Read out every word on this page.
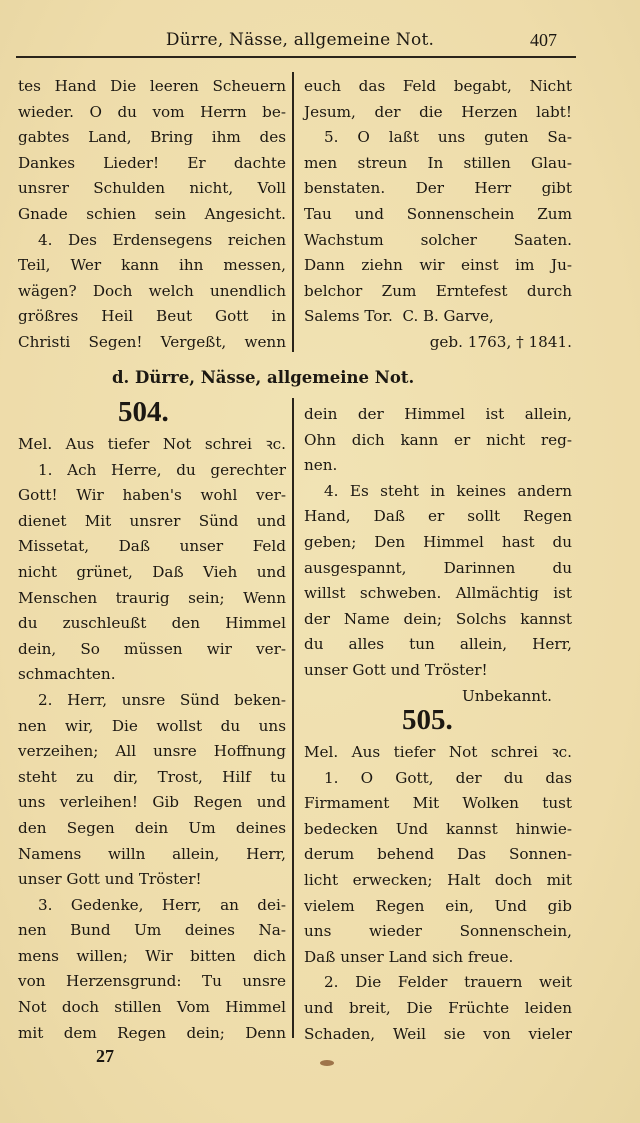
Dürre, Nässe, allgemeine Not.	407
tes Hand Die leeren Scheuern
wieder. O du vom Herrn be-
gabtes Land, Bring ihm des
Dankes Lieder! Er dachte
unsrer Schulden nicht, Voll
Gnade schien sein Angesicht.
4. Des Erdensegens reichen
Teil, Wer kann ihn messen,
wägen? Doch welch unendlich
größres Heil Beut Gott in
Christi Segen! Vergeßt, wenn
euch das Feld begabt, Nicht
Jesum, der die Herzen labt!
5. O laßt uns guten Sa-
men streun In stillen Glau-
benstaten. Der Herr gibt
Tau und Sonnenschein Zum
Wachstum solcher Saaten.
Dann ziehn wir einst im Ju-
belchor Zum Erntefest durch
Salems Tor. C. B. Garve,
geb. 1763, † 1841.
d. Dürre, Nässe, allgemeine Not.
504.
Mel. Aus tiefer Not schrei ꝛc.
1. Ach Herre, du gerechter
Gott! Wir haben's wohl ver-
dienet Mit unsrer Sünd und
Missetat, Daß unser Feld
nicht grünet, Daß Vieh und
Menschen traurig sein; Wenn
du zuschleußt den Himmel
dein, So müssen wir ver-
schmachten.
2. Herr, unsre Sünd beken-
nen wir, Die wollst du uns
verzeihen; All unsre Hoffnung
steht zu dir, Trost, Hilf tu
uns verleihen! Gib Regen und
den Segen dein Um deines
Namens willn allein, Herr,
unser Gott und Tröster!
3. Gedenke, Herr, an dei-
nen Bund Um deines Na-
mens willen; Wir bitten dich
von Herzensgrund: Tu unsre
Not doch stillen Vom Himmel
mit dem Regen dein; Denn
dein der Himmel ist allein,
Ohn dich kann er nicht reg-
nen.
4. Es steht in keines andern
Hand, Daß er sollt Regen
geben; Den Himmel hast du
ausgespannt, Darinnen du
willst schweben. Allmächtig ist
der Name dein; Solchs kannst
du alles tun allein, Herr,
unser Gott und Tröster!
Unbekannt.
505.
Mel. Aus tiefer Not schrei ꝛc.
1. O Gott, der du das
Firmament Mit Wolken tust
bedecken Und kannst hinwie-
derum behend Das Sonnen-
licht erwecken; Halt doch mit
vielem Regen ein, Und gib
uns wieder Sonnenschein,
Daß unser Land sich freue.
2. Die Felder trauern weit
und breit, Die Früchte leiden
Schaden, Weil sie von vieler
27
